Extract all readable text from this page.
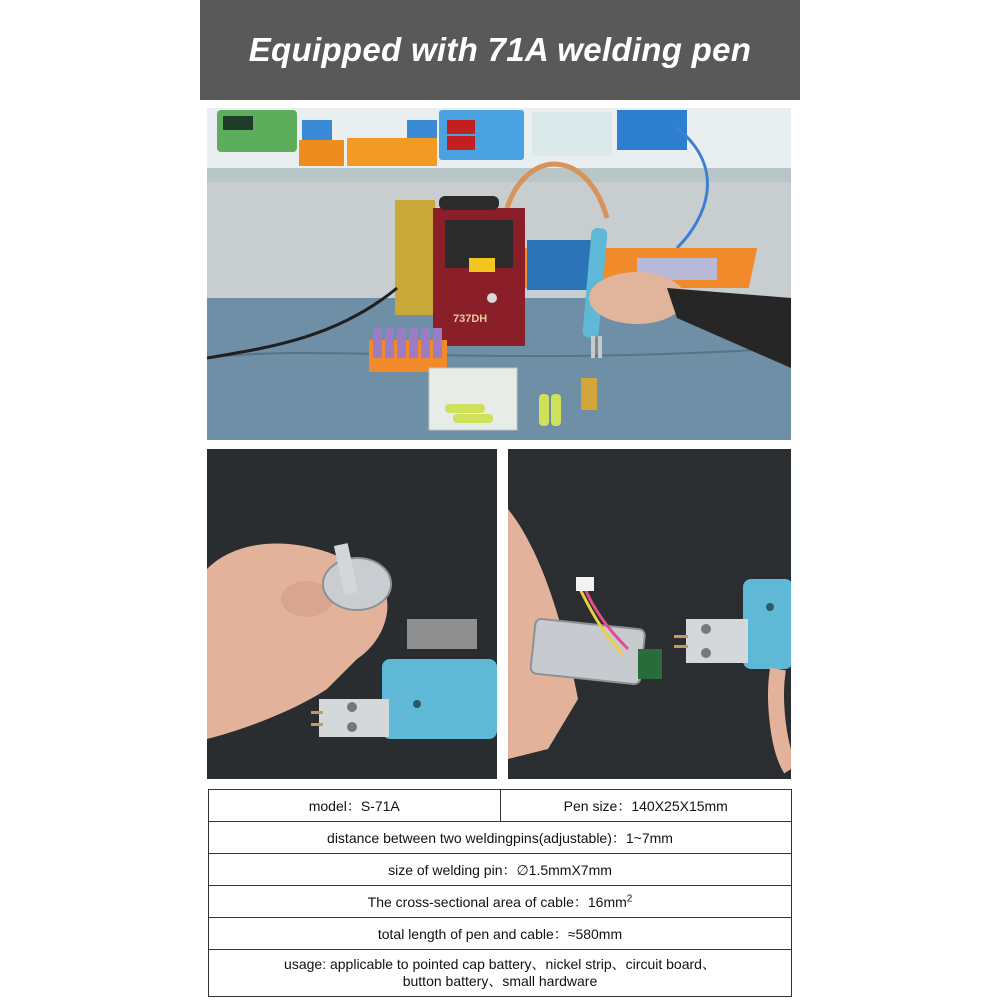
Equipped with 71A welding pen
737DH
model：S-71A	Pen size：140X25X15mm
distance between two weldingpins(adjustable)：1~7mm
size of welding pin：∅1.5mmX7mm
The cross-sectional area of cable：$16mm^2$
total length of pen and cable：≈580mm

usage: applicable to pointed cap battery、nickel strip、circuit board、
button battery、small hardware
